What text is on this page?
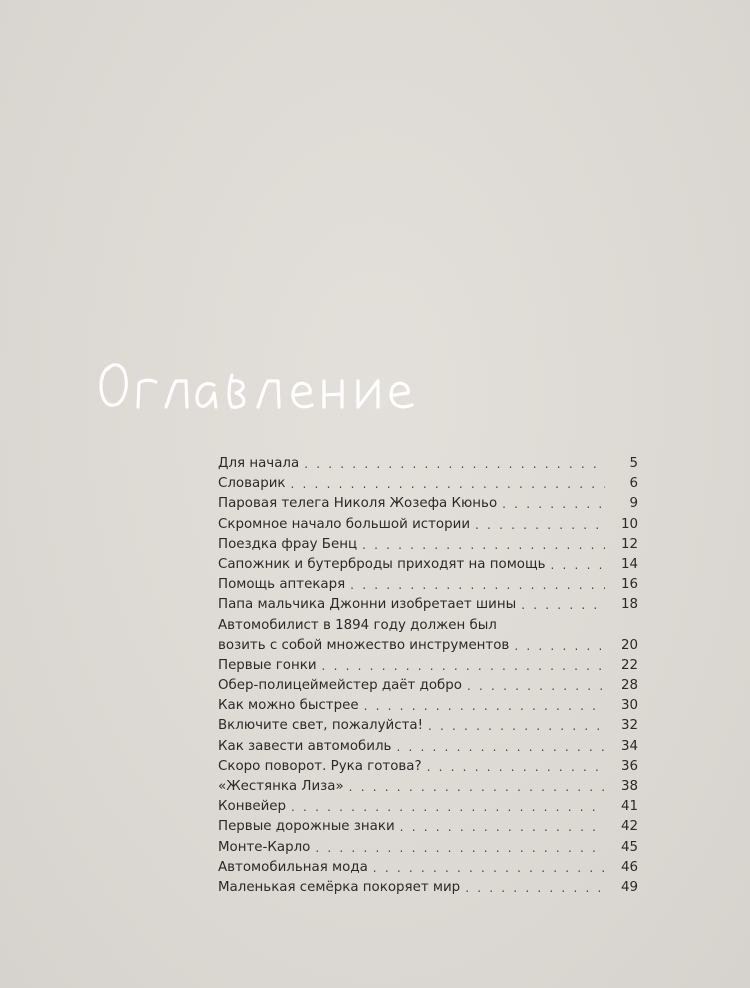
Для начала . . .	5
Словарик . . .	6
Паровая телега Николя Жозефа Кюньо . . .	9
Скромное начало большой истории . . .	10
Поездка фрау Бенц . . .	12
Сапожник и бутерброды приходят на помощь . . .	14
Помощь аптекаря . . .	16
Папа мальчика Джонни изобретает шины . . .	18
Автомобилист в 1894 году должен был
возить с собой множество инструментов . . .	20
Первые гонки . . .	22
Обер-полицеймейстер даёт добро . . .	28
Как можно быстрее . . .	30
Включите свет, пожалуйста! . . .	32
Как завести автомобиль . . .	34
Скоро поворот. Рука готова? . . .	36
«Жестянка Лиза» . . .	38
Конвейер . . .	41
Первые дорожные знаки . . .	42
Монте-Карло . . .	45
Автомобильная мода . . .	46
Маленькая семёрка покоряет мир . . .	49
